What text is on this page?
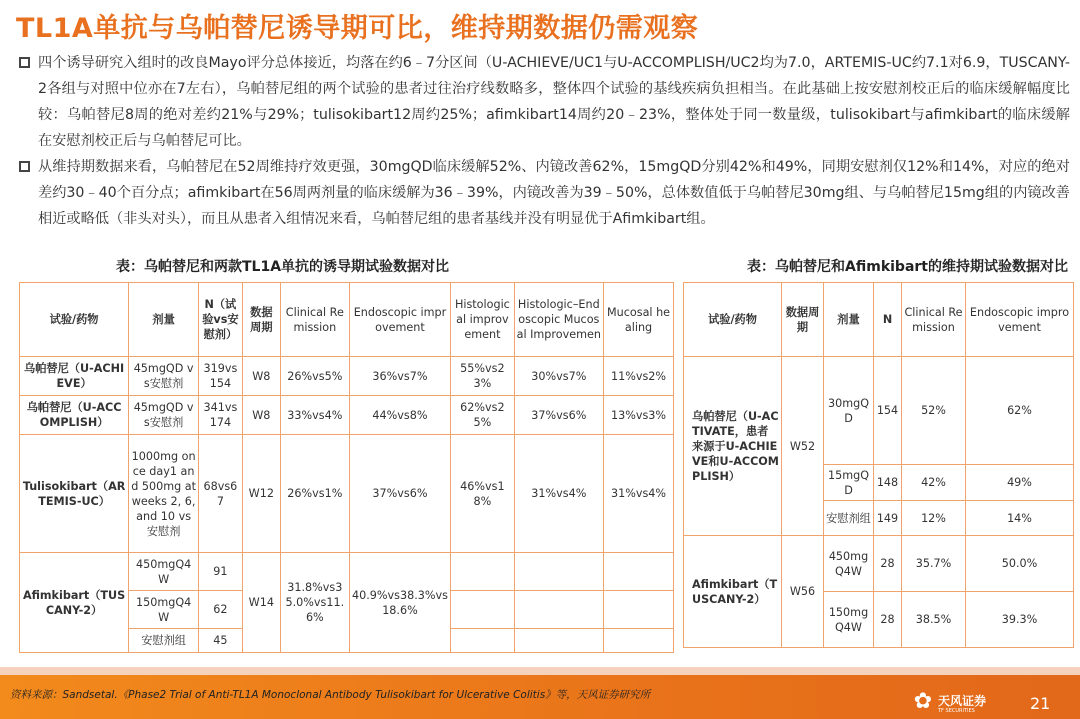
TL1A单抗与乌帕替尼诱导期可比，维持期数据仍需观察
四个诱导研究入组时的改良Mayo评分总体接近，均落在约6﹣7分区间（U-ACHIEVE/UC1与U-ACCOMPLISH/UC2均为7.0，ARTEMIS-UC约7.1对6.9，TUSCANY-2各组与对照中位亦在7左右），乌帕替尼组的两个试验的患者过往治疗线数略多，整体四个试验的基线疾病负担相当。在此基础上按安慰剂校正后的临床缓解幅度比较：乌帕替尼8周的绝对差约21%与29%；tulisokibart12周约25%；afimkibart14周约20﹣23%，整体处于同一数量级，tulisokibart与afimkibart的临床缓解在安慰剂校正后与乌帕替尼可比。
从维持期数据来看，乌帕替尼在52周维持疗效更强，30mgQD临床缓解52%、内镜改善62%，15mgQD分别42%和49%，同期安慰剂仅12%和14%，对应的绝对差约30﹣40个百分点；afimkibart在56周两剂量的临床缓解为36﹣39%，内镜改善为39﹣50%，总体数值低于乌帕替尼30mg组、与乌帕替尼15mg组的内镜改善相近或略低（非头对头），而且从患者入组情况来看，乌帕替尼组的患者基线并没有明显优于Afimkibart组。
表：乌帕替尼和两款TL1A单抗的诱导期试验数据对比	表：乌帕替尼和Afimkibart的维持期试验数据对比
试验/药物	剂量	N（试验vs安慰剂）	数据周期	Clinical Remission	Endoscopic improvement	Histological improvement	Histologic–Endoscopic Mucosal Improvemen	Mucosal healing
乌帕替尼（U-ACHIEVE）	45mgQD vs安慰剂	319vs 154	W8	26%vs5%	36%vs7%	55%vs23%	30%vs7%	11%vs2%
乌帕替尼（U-ACCOMPLISH）	45mgQD vs安慰剂	341vs 174	W8	33%vs4%	44%vs8%	62%vs25%	37%vs6%	13%vs3%
Tulisokibart（ARTEMIS-UC）	1000mg once day1 and 500mg at weeks 2, 6, and 10 vs安慰剂	68vs67	W12	26%vs1%	37%vs6%	46%vs18%	31%vs4%	31%vs4%
Afimkibart（TUSCANY-2）	450mgQ4W	91	W14	31.8%vs35.0%vs11.6%	40.9%vs38.3%vs18.6%			
	150mgQ4W	62						
	安慰剂组	45						
试验/药物	数据周期	剂量	N	Clinical Remission	Endoscopic improvement
乌帕替尼（U-ACTIVATE，患者来源于U-ACHIEVE和U-ACCOMPLISH）	W52	30mgQD	154	52%	62%
		15mgQD	148	42%	49%
		安慰剂组	149	12%	14%
Afimkibart（TUSCANY-2）	W56	450mgQ4W	28	35.7%	50.0%
		150mgQ4W	28	38.5%	39.3%
资料来源：Sandsetal.《Phase2 Trial of Anti-TL1A Monoclonal Antibody Tulisokibart for Ulcerative Colitis》等，天风证券研究所	✿ 天风证券
TF SECURITIES	21
